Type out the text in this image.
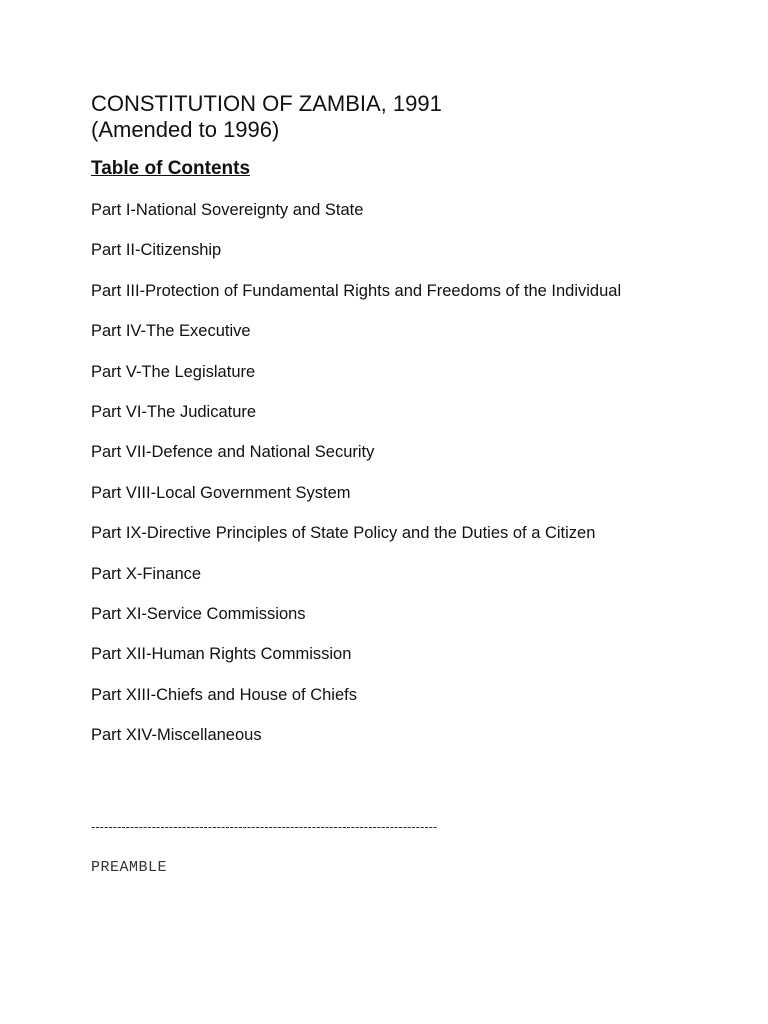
CONSTITUTION OF ZAMBIA, 1991
(Amended to 1996)
Table of Contents
Part I-National Sovereignty and State
Part II-Citizenship
Part III-Protection of Fundamental Rights and Freedoms of the Individual
Part IV-The Executive
Part V-The Legislature
Part VI-The Judicature
Part VII-Defence and National Security
Part VIII-Local Government System
Part IX-Directive Principles of State Policy and the Duties of a Citizen
Part X-Finance
Part XI-Service Commissions
Part XII-Human Rights Commission
Part XIII-Chiefs and House of Chiefs
Part XIV-Miscellaneous
--------------------------------------------------------------------------------
PREAMBLE
